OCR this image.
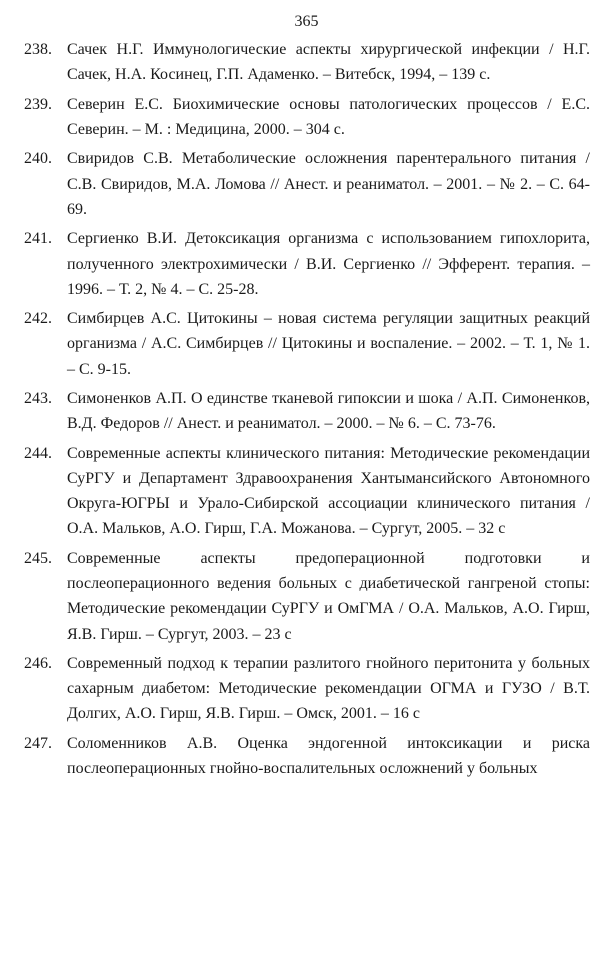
365
238. Сачек Н.Г. Иммунологические аспекты хирургической инфекции / Н.Г. Сачек, Н.А. Косинец, Г.П. Адаменко. – Витебск, 1994, – 139 с.
239. Северин Е.С. Биохимические основы патологических процессов / Е.С. Северин. – М. : Медицина, 2000. – 304 с.
240. Свиридов С.В. Метаболические осложнения парентерального питания / С.В. Свиридов, М.А. Ломова // Анест. и реаниматол. – 2001. – № 2. – С. 64-69.
241. Сергиенко В.И. Детоксикация организма с использованием гипохлорита, полученного электрохимически / В.И. Сергиенко // Эфферент. терапия. – 1996. – Т. 2, № 4. – С. 25-28.
242. Симбирцев А.С. Цитокины – новая система регуляции защитных реакций организма / А.С. Симбирцев // Цитокины и воспаление. – 2002. – Т. 1, № 1. – С. 9-15.
243. Симоненков А.П. О единстве тканевой гипоксии и шока / А.П. Симоненков, В.Д. Федоров // Анест. и реаниматол. – 2000. – № 6. – С. 73-76.
244. Современные аспекты клинического питания: Методические рекомендации СуРГУ и Департамент Здравоохранения Хантымансийского Автономного Округа-ЮГРЫ и Урало-Сибирской ассоциации клинического питания / О.А. Мальков, А.О. Гирш, Г.А. Можанова. – Сургут, 2005. – 32 с
245. Современные аспекты предоперационной подготовки и послеоперационного ведения больных с диабетической гангреной стопы: Методические рекомендации СуРГУ и ОмГМА / О.А. Мальков, А.О. Гирш, Я.В. Гирш. – Сургут, 2003. – 23 с
246. Современный подход к терапии разлитого гнойного перитонита у больных сахарным диабетом: Методические рекомендации ОГМА и ГУЗО / В.Т. Долгих, А.О. Гирш, Я.В. Гирш. – Омск, 2001. – 16 с
247. Соломенников А.В. Оценка эндогенной интоксикации и риска послеоперационных гнойно-воспалительных осложнений у больных
